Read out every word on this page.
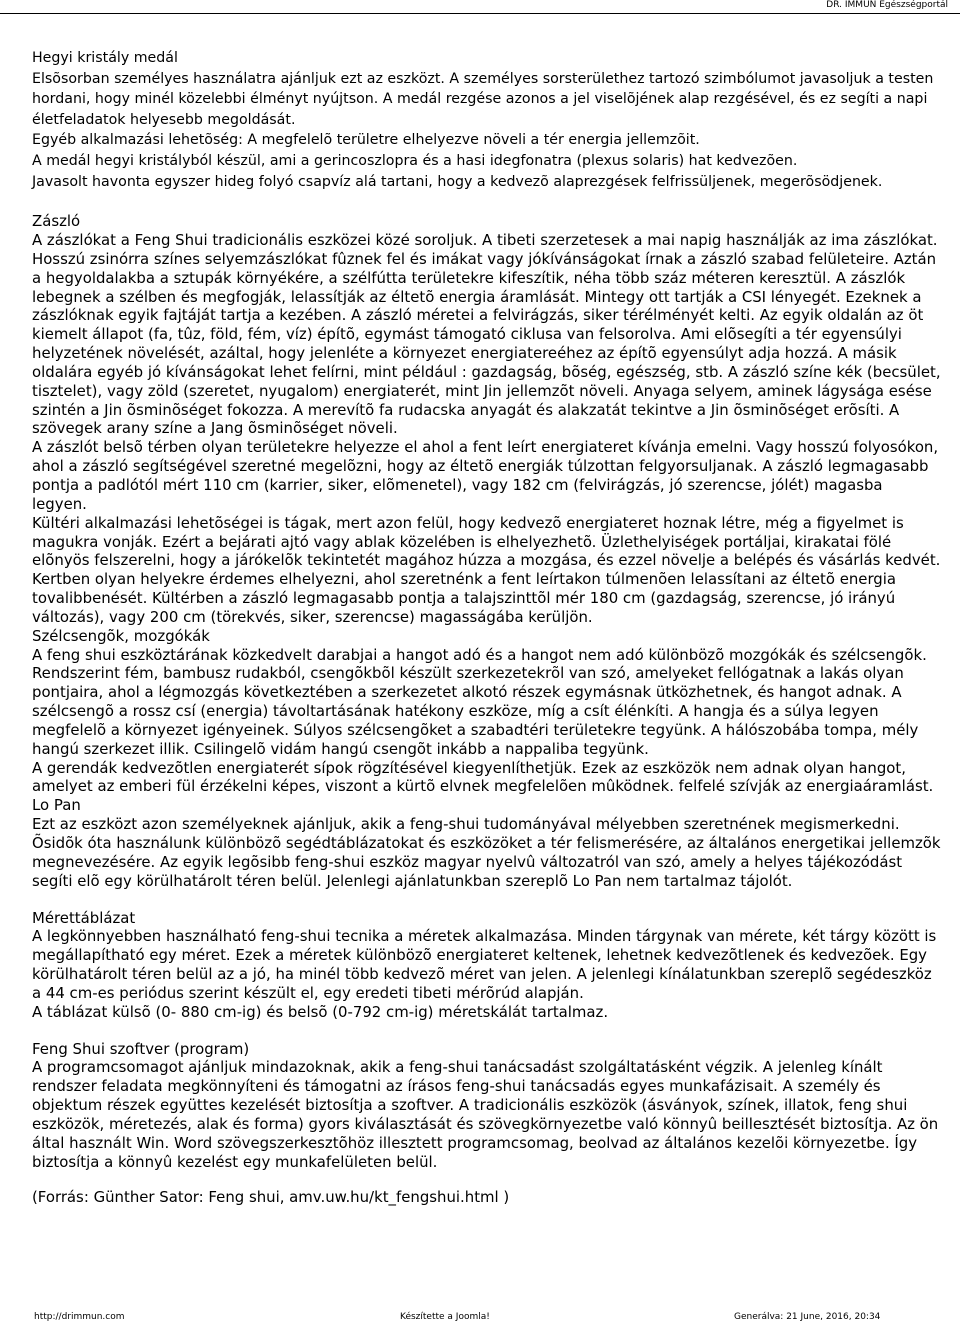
DR. IMMUN Egészségportál

Hegyi kristály medál

Elsõsorban személyes használatra ajánljuk ezt az eszközt. A személyes sorsterülethez tartozó szimbólumot javasoljuk a testen hordani, hogy minél közelebbi élményt nyújtson. A medál rezgése azonos a jel viselõjének alap rezgésével, és ez segíti a napi életfeladatok helyesebb megoldását.

Egyéb alkalmazási lehetõség: A megfelelõ területre elhelyezve növeli a tér energia jellemzõit.

A medál hegyi kristályból készül, ami a gerincoszlopra és a hasi idegfonatra (plexus solaris) hat kedvezõen.

Javasolt havonta egyszer hideg folyó csapvíz alá tartani, hogy a kedvezõ alaprezgések felfrissüljenek, megerõsödjenek.

Zászló

A zászlókat a Feng Shui tradicionális eszközei közé soroljuk. A tibeti szerzetesek a mai napig használják az ima zászlókat. Hosszú zsinórra színes selyemzászlókat fûznek fel és imákat vagy jókívánságokat írnak a zászló szabad felületeire. Aztán a hegyoldalakba a sztupák környékére, a szélfútta területekre kifeszítik, néha több száz méteren keresztül. A zászlók lebegnek a szélben és megfogják, lelassítják az éltetõ energia áramlását. Mintegy ott tartják a CSI lényegét. Ezeknek a zászlóknak egyik fajtáját tartja a kezében. A zászló méretei a felvirágzás, siker térélményét kelti. Az egyik oldalán az öt kiemelt állapot (fa, tûz, föld, fém, víz) építõ, egymást támogató ciklusa van felsorolva. Ami elõsegíti a tér egyensúlyi helyzetének növelését, azáltal, hogy jelenléte a környezet energiatereéhez az építõ egyensúlyt adja hozzá. A másik oldalára egyéb jó kívánságokat lehet felírni, mint például : gazdagság, bõség, egészség, stb. A zászló színe kék (becsület, tisztelet), vagy zöld (szeretet, nyugalom) energiaterét, mint Jin jellemzõt növeli. Anyaga selyem, aminek lágysága esése szintén a Jin õsminõséget fokozza. A merevítõ fa rudacska anyagát és alakzatát tekintve a Jin õsminõséget erõsíti. A szövegek arany színe a Jang õsminõséget növeli.

A zászlót belsõ térben olyan területekre helyezze el ahol a fent leírt energiateret kívánja emelni. Vagy hosszú folyosókon, ahol a zászló segítségével szeretné megelõzni, hogy az éltetõ energiák túlzottan felgyorsuljanak. A zászló legmagasabb pontja a padlótól mért 110 cm (karrier, siker, elõmenetel), vagy 182 cm (felvirágzás, jó szerencse, jólét) magasba legyen.

Kültéri alkalmazási lehetõségei is tágak, mert azon felül, hogy kedvezõ energiateret hoznak létre, még a figyelmet is magukra vonják. Ezért a bejárati ajtó vagy ablak közelében is elhelyezhetõ. Üzlethelyiségek portáljai, kirakatai fölé elõnyös felszerelni, hogy a járókelõk tekintetét magához húzza a mozgása, és ezzel növelje a belépés és vásárlás kedvét.

Kertben olyan helyekre érdemes elhelyezni, ahol szeretnénk a fent leírtakon túlmenõen lelassítani az éltetõ energia tovalibbenését. Kültérben a zászló legmagasabb pontja a talajszinttõl mér 180 cm (gazdagság, szerencse, jó irányú változás), vagy 200 cm (törekvés, siker, szerencse) magasságába kerüljön.

Szélcsengõk, mozgókák

A feng shui eszköztárának közkedvelt darabjai a hangot adó és a hangot nem adó különbözõ mozgókák és szélcsengõk. Rendszerint fém, bambusz rudakból, csengõkbõl készült szerkezetekrõl van szó, amelyeket fellógatnak a lakás olyan pontjaira, ahol a légmozgás következtében a szerkezetet alkotó részek egymásnak ütközhetnek, és hangot adnak. A szélcsengõ a rossz csí (energia) távoltartásának hatékony eszköze, míg a csít élénkíti. A hangja és a súlya legyen megfelelõ a környezet igényeinek. Súlyos szélcsengõket a szabadtéri területekre tegyünk. A hálószobába tompa, mély hangú szerkezet illik. Csilingelõ vidám hangú csengõt inkább a nappaliba tegyünk.

A gerendák kedvezõtlen energiaterét sípok rögzítésével kiegyenlíthetjük. Ezek az eszközök nem adnak olyan hangot, amelyet az emberi fül érzékelni képes, viszont a kürtõ elvnek megfelelõen mûködnek. felfelé szívják az energiaáramlást.

Lo Pan

Ezt az eszközt azon személyeknek ajánljuk, akik a feng-shui tudományával mélyebben szeretnének megismerkedni. Õsidõk óta használunk különbözõ segédtáblázatokat és eszközöket a tér felismerésére, az általános energetikai jellemzõk megnevezésére. Az egyik legõsibb feng-shui eszköz magyar nyelvû változatról van szó, amely a helyes tájékozódást segíti elõ egy körülhatárolt téren belül. Jelenlegi ajánlatunkban szereplõ Lo Pan nem tartalmaz tájolót.

Mérettáblázat

A legkönnyebben használható feng-shui tecnika a méretek alkalmazása. Minden tárgynak van mérete, két tárgy között is megállapítható egy méret. Ezek a méretek különbözõ energiateret keltenek, lehetnek kedvezõtlenek és kedvezõek. Egy körülhatárolt téren belül az a jó, ha minél több kedvezõ méret van jelen. A jelenlegi kínálatunkban szereplõ segédeszköz a 44 cm-es periódus szerint készült el, egy eredeti tibeti mérõrúd alapján.

A táblázat külsõ (0- 880 cm-ig) és belsõ (0-792 cm-ig) méretskálát tartalmaz.

Feng Shui szoftver (program)

A programcsomagot ajánljuk mindazoknak, akik a feng-shui tanácsadást szolgáltatásként végzik. A jelenleg kínált rendszer feladata megkönnyíteni és támogatni az írásos feng-shui tanácsadás egyes munkafázisait. A személy és objektum részek együttes kezelését biztosítja a szoftver. A tradicionális eszközök (ásványok, színek, illatok, feng shui eszközök, méretezés, alak és forma) gyors kiválasztását és szövegkörnyezetbe való könnyû beillesztését biztosítja. Az ön által használt Win. Word szövegszerkesztõhöz illesztett programcsomag, beolvad az általános kezelõi környezetbe. Így biztosítja a könnyû kezelést egy munkafelületen belül.

(Forrás: Günther Sator: Feng shui, amv.uw.hu/kt_fengshui.html )

http://drimmun.com	Készítette a Joomla!	Generálva: 21 June, 2016, 20:34
